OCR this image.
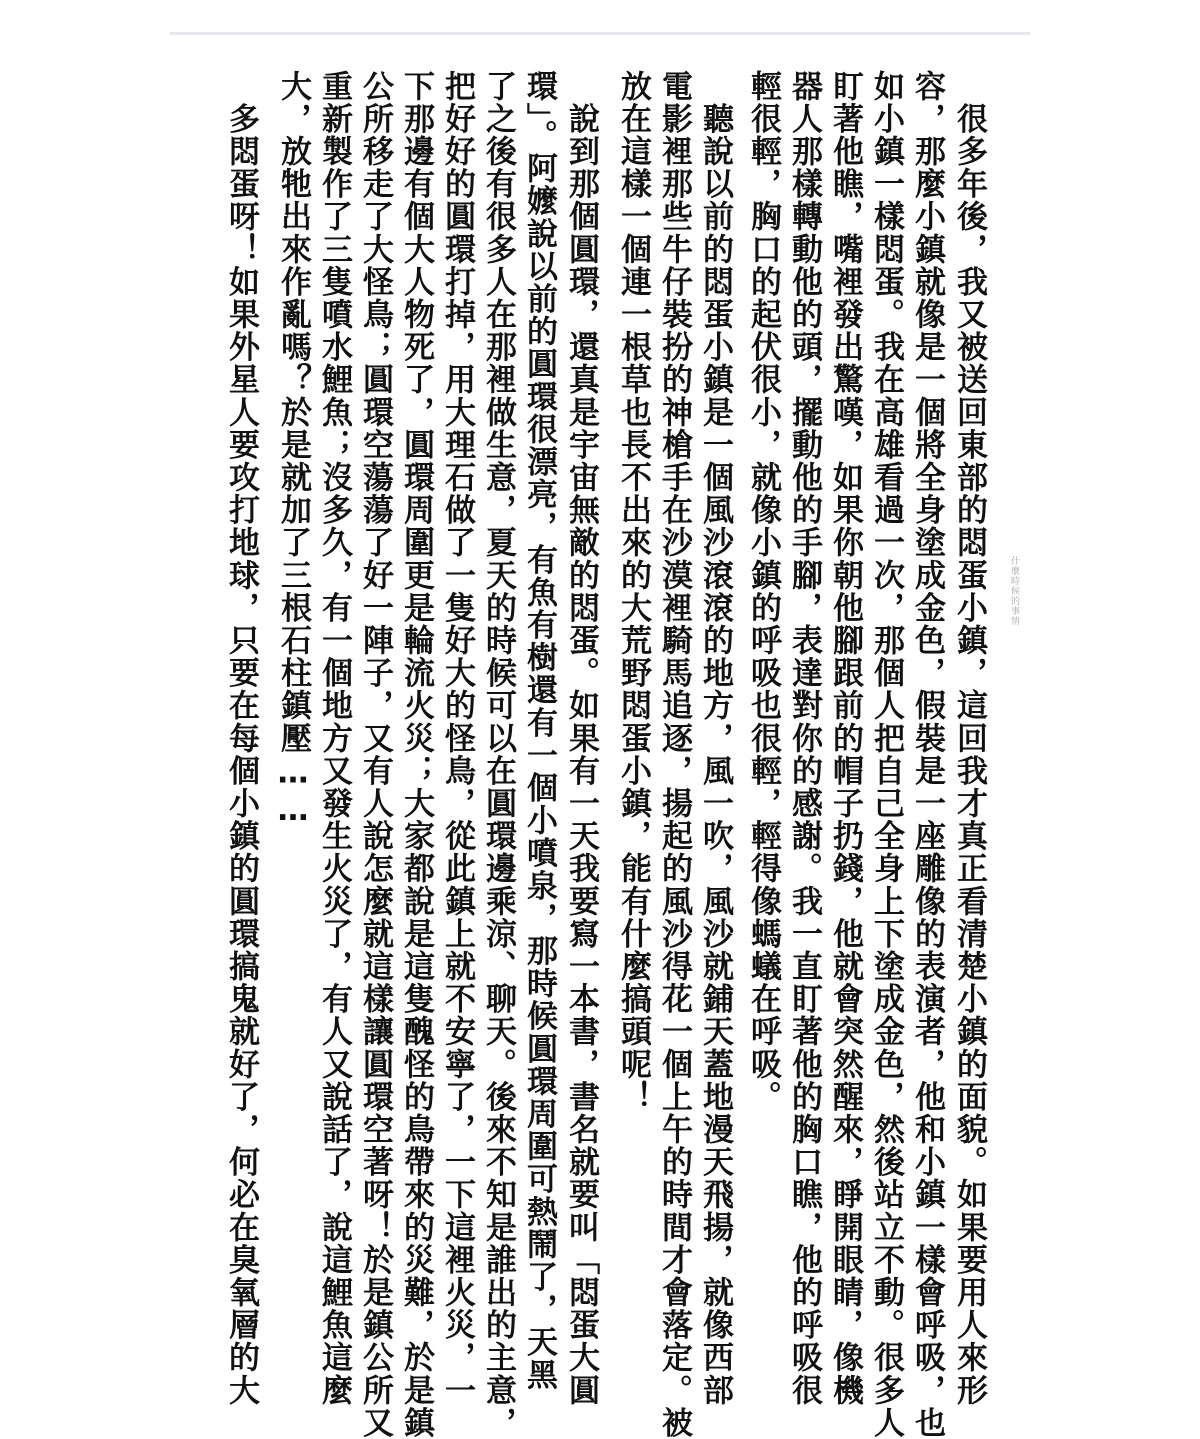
什麼時候的事情
　很多年後，我又被送回東部的悶蛋小鎮，這回我才真正看清楚小鎮的面貌。如果要用人來形
容，那麼小鎮就像是一個將全身塗成金色，假裝是一座雕像的表演者，他和小鎮一樣會呼吸，也
如小鎮一樣悶蛋。我在高雄看過一次，那個人把自己全身上下塗成金色，然後站立不動。很多人
盯著他瞧，嘴裡發出驚嘆，如果你朝他腳跟前的帽子扔錢，他就會突然醒來，睜開眼睛，像機
器人那樣轉動他的頭，擺動他的手腳，表達對你的感謝。我一直盯著他的胸口瞧，他的呼吸很
輕很輕，胸口的起伏很小，就像小鎮的呼吸也很輕，輕得像螞蟻在呼吸。
　聽說以前的悶蛋小鎮是一個風沙滾滾的地方，風一吹，風沙就鋪天蓋地漫天飛揚，就像西部
電影裡那些牛仔裝扮的神槍手在沙漠裡騎馬追逐，揚起的風沙得花一個上午的時間才會落定。被
放在這樣一個連一根草也長不出來的大荒野悶蛋小鎮，能有什麼搞頭呢！
　說到那個圓環，還真是宇宙無敵的悶蛋。如果有一天我要寫一本書，書名就要叫「悶蛋大圓
環」。阿嬤說以前的圓環很漂亮，有魚有樹還有一個小噴泉，那時候圓環周圍可熱鬧了，天黑
了之後有很多人在那裡做生意，夏天的時候可以在圓環邊乘涼、聊天。後來不知是誰出的主意，
把好好的圓環打掉，用大理石做了一隻好大的怪鳥，從此鎮上就不安寧了，一下這裡火災，一
下那邊有個大人物死了，圓環周圍更是輪流火災；大家都說是這隻醜怪的鳥帶來的災難，於是鎮
公所移走了大怪鳥；圓環空蕩蕩了好一陣子，又有人說怎麼就這樣讓圓環空著呀！於是鎮公所又
重新製作了三隻噴水鯉魚；沒多久，有一個地方又發生火災了，有人又說話了，說這鯉魚這麼
大，放牠出來作亂嗎？於是就加了三根石柱鎮壓……
　多悶蛋呀！如果外星人要攻打地球，只要在每個小鎮的圓環搞鬼就好了，何必在臭氧層的大
